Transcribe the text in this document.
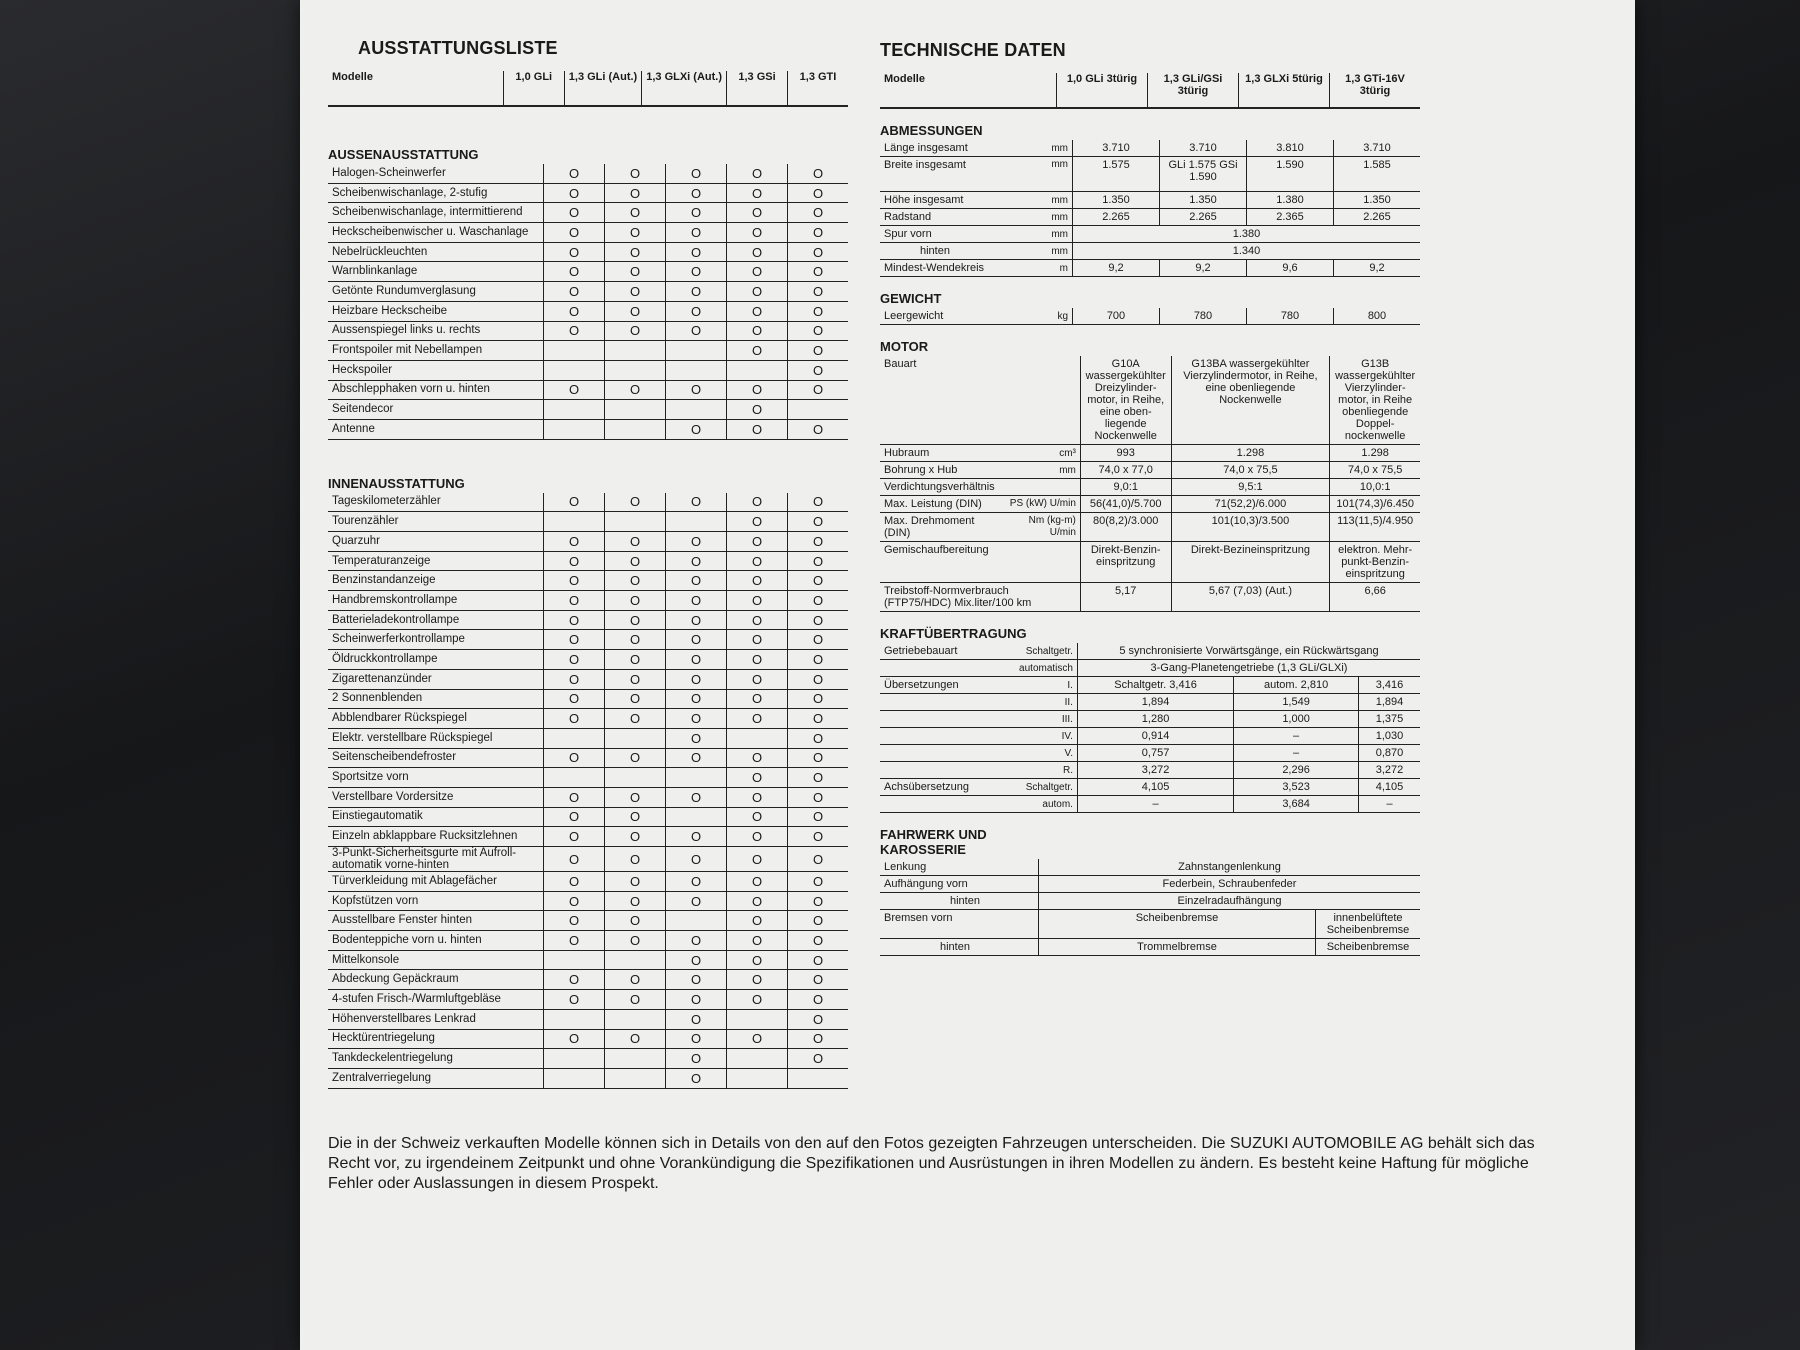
AUSSTATTUNGSLISTE
Modelle	1,0 GLi	1,3 GLi (Aut.)	1,3 GLXi (Aut.)	1,3 GSi	1,3 GTI
AUSSENAUSSTATTUNG
Halogen-Scheinwerfer	O	O	O	O	O
Scheibenwischanlage, 2-stufig	O	O	O	O	O
Scheibenwischanlage, intermittierend	O	O	O	O	O
Heckscheibenwischer u. Waschanlage	O	O	O	O	O
Nebelrückleuchten	O	O	O	O	O
Warnblinkanlage	O	O	O	O	O
Getönte Rundumverglasung	O	O	O	O	O
Heizbare Heckscheibe	O	O	O	O	O
Aussenspiegel links u. rechts	O	O	O	O	O
Frontspoiler mit Nebellampen				O	O
Heckspoiler					O
Abschlepphaken vorn u. hinten	O	O	O	O	O
Seitendecor				O	
Antenne			O	O	O
INNENAUSSTATTUNG
Tageskilometerzähler	O	O	O	O	O
Tourenzähler				O	O
Quarzuhr	O	O	O	O	O
Temperaturanzeige	O	O	O	O	O
Benzinstandanzeige	O	O	O	O	O
Handbremskontrollampe	O	O	O	O	O
Batterieladekontrollampe	O	O	O	O	O
Scheinwerferkontrollampe	O	O	O	O	O
Öldruckkontrollampe	O	O	O	O	O
Zigarettenanzünder	O	O	O	O	O
2 Sonnenblenden	O	O	O	O	O
Abblendbarer Rückspiegel	O	O	O	O	O
Elektr. verstellbare Rückspiegel			O		O
Seitenscheibendefroster	O	O	O	O	O
Sportsitze vorn				O	O
Verstellbare Vordersitze	O	O	O	O	O
Einstiegautomatik	O	O		O	O
Einzeln abklappbare Rucksitzlehnen	O	O	O	O	O
3-Punkt-Sicherheitsgurte mit Aufroll-automatik vorne-hinten	O	O	O	O	O
Türverkleidung mit Ablagefächer	O	O	O	O	O
Kopfstützen vorn	O	O	O	O	O
Ausstellbare Fenster hinten	O	O		O	O
Bodenteppiche vorn u. hinten	O	O	O	O	O
Mittelkonsole			O	O	O
Abdeckung Gepäckraum	O	O	O	O	O
4-stufen Frisch-/Warmluftgebläse	O	O	O	O	O
Höhenverstellbares Lenkrad			O		O
Hecktürentriegelung	O	O	O	O	O
Tankdeckelentriegelung			O		O
Zentralverriegelung			O		
TECHNISCHE DATEN
Modelle	1,0 GLi 3türig	1,3 GLi/GSi 3türig	1,3 GLXi 5türig	1,3 GTi-16V 3türig
ABMESSUNGEN
Länge insgesamt	mm	3.710	3.710	3.810	3.710
Breite insgesamt	mm	1.575	GLi 1.575 GSi 1.590	1.590	1.585
Höhe insgesamt	mm	1.350	1.350	1.380	1.350
Radstand	mm	2.265	2.265	2.365	2.265
Spur vorn	mm	1.380			
hinten	mm	1.340			
Mindest-Wendekreis	m	9,2	9,2	9,6	9,2
GEWICHT
Leergewicht	kg	700	780	780	800
MOTOR
Bauart		G10A wassergekühlter Dreizylinder-motor, in Reihe, eine oben-liegende Nockenwelle	G13BA wassergekühlter Vierzylindermotor, in Reihe, eine obenliegende Nockenwelle	G13B wassergekühlter Vierzylinder-motor, in Reihe obenliegende Doppel-nockenwelle
Hubraum	cm³	993	1.298	1.298
Bohrung x Hub	mm	74,0 x 77,0	74,0 x 75,5	74,0 x 75,5
Verdichtungsverhältnis		9,0:1	9,5:1	10,0:1
Max. Leistung (DIN)	PS (kW) U/min	56(41,0)/5.700	71(52,2)/6.000	101(74,3)/6.450
Max. Drehmoment (DIN)	Nm (kg-m) U/min	80(8,2)/3.000	101(10,3)/3.500	113(11,5)/4.950
Gemischaufbereitung		Direkt-Benzin-einspritzung	Direkt-Bezineinspritzung	elektron. Mehr-punkt-Benzin-einspritzung
Treibstoff-Normverbrauch (FTP75/HDC) Mix.liter/100 km		5,17	5,67 (7,03) (Aut.)	6,66
KRAFTÜBERTRAGUNG
Getriebebauart	Schaltgetr.	5 synchronisierte Vorwärtsgänge, ein Rückwärtsgang		
	automatisch	3-Gang-Planetengetriebe (1,3 GLi/GLXi)		
Übersetzungen	I.	Schaltgetr. 3,416	autom. 2,810	3,416
	II.	1,894	1,549	1,894
	III.	1,280	1,000	1,375
	IV.	0,914	–	1,030
	V.	0,757	–	0,870
	R.	3,272	2,296	3,272
Achsübersetzung	Schaltgetr.	4,105	3,523	4,105
	autom.	–	3,684	–
FAHRWERK UND KAROSSERIE
Lenkung	Zahnstangenlenkung	
Aufhängung vorn	Federbein, Schraubenfeder	
hinten	Einzelradaufhängung	
Bremsen vorn	Scheibenbremse	innenbelüftete Scheibenbremse
hinten	Trommelbremse	Scheibenbremse

Die in der Schweiz verkauften Modelle können sich in Details von den auf den Fotos gezeigten Fahrzeugen unterscheiden. Die SUZUKI AUTOMOBILE AG behält sich das Recht vor, zu irgendeinem Zeitpunkt und ohne Vorankündigung die Spezifikationen und Ausrüstungen in ihren Modellen zu ändern. Es besteht keine Haftung für mögliche Fehler oder Auslassungen in diesem Prospekt.
